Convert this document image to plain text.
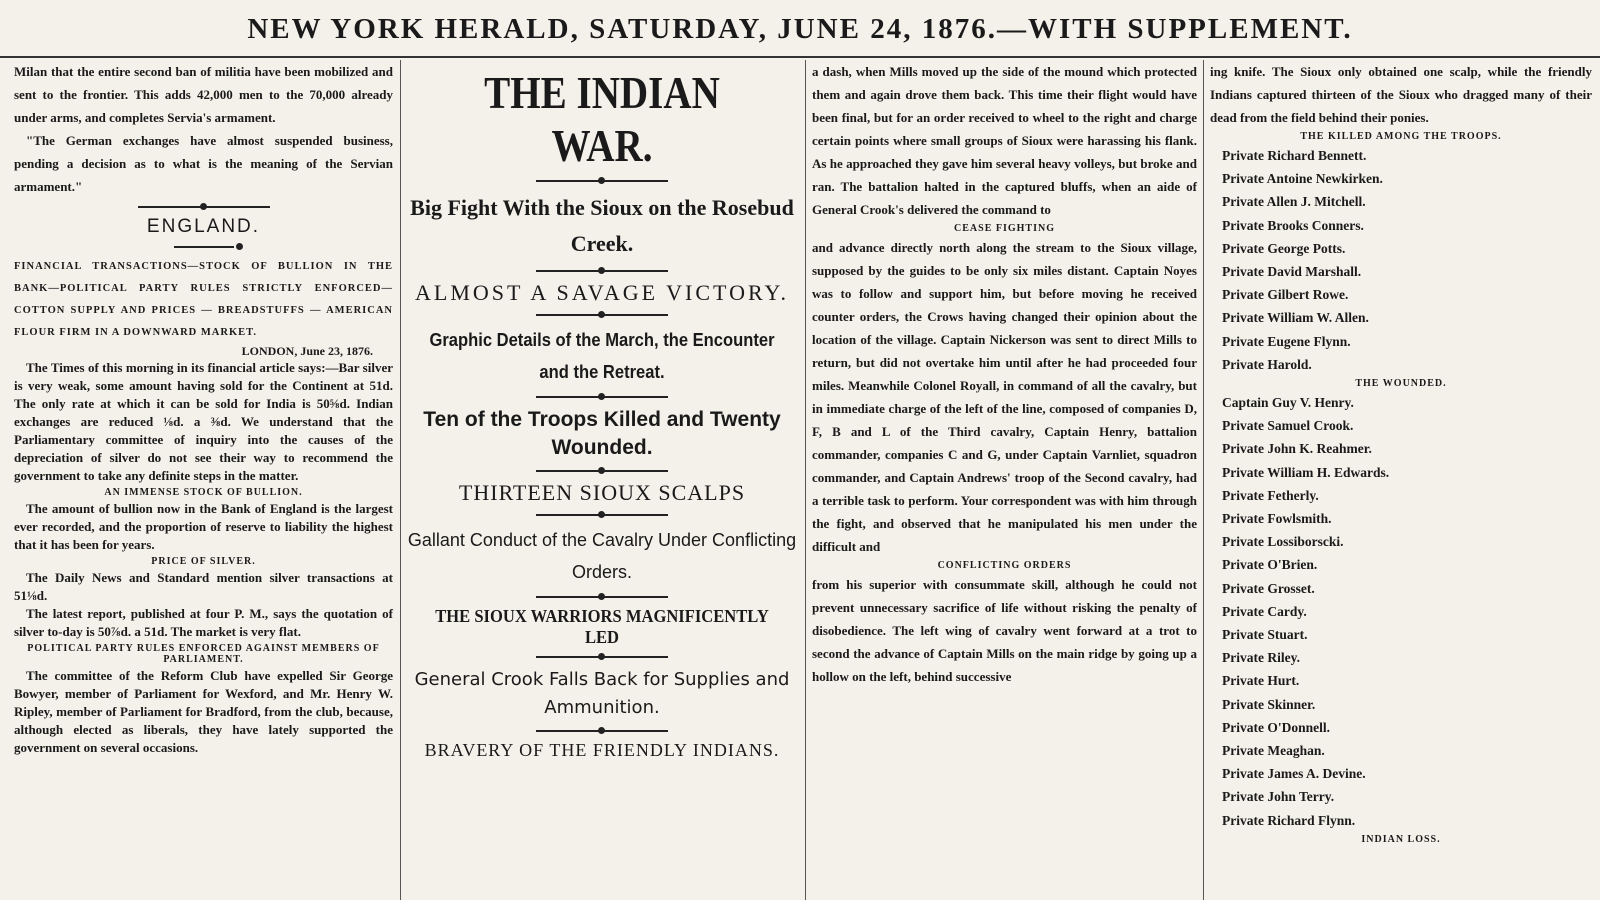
NEW YORK HERALD, SATURDAY, JUNE 24, 1876.—WITH SUPPLEMENT.

Milan that the entire second ban of militia have been mobilized and sent to the frontier. This adds 42,000 men to the 70,000 already under arms, and completes Servia's armament.

"The German exchanges have almost suspended business, pending a decision as to what is the meaning of the Servian armament."

ENGLAND.
FINANCIAL TRANSACTIONS—STOCK OF BULLION IN THE BANK—POLITICAL PARTY RULES STRICTLY ENFORCED—COTTON SUPPLY AND PRICES — BREADSTUFFS — AMERICAN FLOUR FIRM IN A DOWNWARD MARKET.
LONDON, June 23, 1876.

The Times of this morning in its financial article says:—Bar silver is very weak, some amount having sold for the Continent at 51d. The only rate at which it can be sold for India is 50⅝d. Indian exchanges are reduced ⅛d. a ⅜d. We understand that the Parliamentary committee of inquiry into the causes of the depreciation of silver do not see their way to recommend the government to take any definite steps in the matter.

AN IMMENSE STOCK OF BULLION.

The amount of bullion now in the Bank of England is the largest ever recorded, and the proportion of reserve to liability the highest that it has been for years.

PRICE OF SILVER.

The Daily News and Standard mention silver transactions at 51⅛d.

The latest report, published at four P. M., says the quotation of silver to-day is 50⅞d. a 51d. The market is very flat.

POLITICAL PARTY RULES ENFORCED AGAINST MEMBERS OF PARLIAMENT.

The committee of the Reform Club have expelled Sir George Bowyer, member of Parliament for Wexford, and Mr. Henry W. Ripley, member of Parliament for Bradford, from the club, because, although elected as liberals, they have lately supported the government on several occasions.

THE INDIAN WAR.
Big Fight With the Sioux on the Rosebud Creek.
ALMOST A SAVAGE VICTORY.
Graphic Details of the March, the Encounter and the Retreat.
Ten of the Troops Killed and Twenty Wounded.
THIRTEEN SIOUX SCALPS
Gallant Conduct of the Cavalry Under Conflicting Orders.
THE SIOUX WARRIORS MAGNIFICENTLY LED
General Crook Falls Back for Supplies and Ammunition.
BRAVERY OF THE FRIENDLY INDIANS.

a dash, when Mills moved up the side of the mound which protected them and again drove them back. This time their flight would have been final, but for an order received to wheel to the right and charge certain points where small groups of Sioux were harassing his flank. As he approached they gave him several heavy volleys, but broke and ran. The battalion halted in the captured bluffs, when an aide of General Crook's delivered the command to

CEASE FIGHTING

and advance directly north along the stream to the Sioux village, supposed by the guides to be only six miles distant. Captain Noyes was to follow and support him, but before moving he received counter orders, the Crows having changed their opinion about the location of the village. Captain Nickerson was sent to direct Mills to return, but did not overtake him until after he had proceeded four miles. Meanwhile Colonel Royall, in command of all the cavalry, but in immediate charge of the left of the line, composed of companies D, F, B and L of the Third cavalry, Captain Henry, battalion commander, companies C and G, under Captain Varnliet, squadron commander, and Captain Andrews' troop of the Second cavalry, had a terrible task to perform. Your correspondent was with him through the fight, and observed that he manipulated his men under the difficult and

CONFLICTING ORDERS

from his superior with consummate skill, although he could not prevent unnecessary sacrifice of life without risking the penalty of disobedience. The left wing of cavalry went forward at a trot to second the advance of Captain Mills on the main ridge by going up a hollow on the left, behind successive

ing knife. The Sioux only obtained one scalp, while the friendly Indians captured thirteen of the Sioux who dragged many of their dead from the field behind their ponies.

THE KILLED AMONG THE TROOPS.
Private Richard Bennett.
Private Antoine Newkirken.
Private Allen J. Mitchell.
Private Brooks Conners.
Private George Potts.
Private David Marshall.
Private Gilbert Rowe.
Private William W. Allen.
Private Eugene Flynn.
Private Harold.
THE WOUNDED.
Captain Guy V. Henry.
Private Samuel Crook.
Private John K. Reahmer.
Private William H. Edwards.
Private Fetherly.
Private Fowlsmith.
Private Lossiborscki.
Private O'Brien.
Private Grosset.
Private Cardy.
Private Stuart.
Private Riley.
Private Hurt.
Private Skinner.
Private O'Donnell.
Private Meaghan.
Private James A. Devine.
Private John Terry.
Private Richard Flynn.
INDIAN LOSS.
